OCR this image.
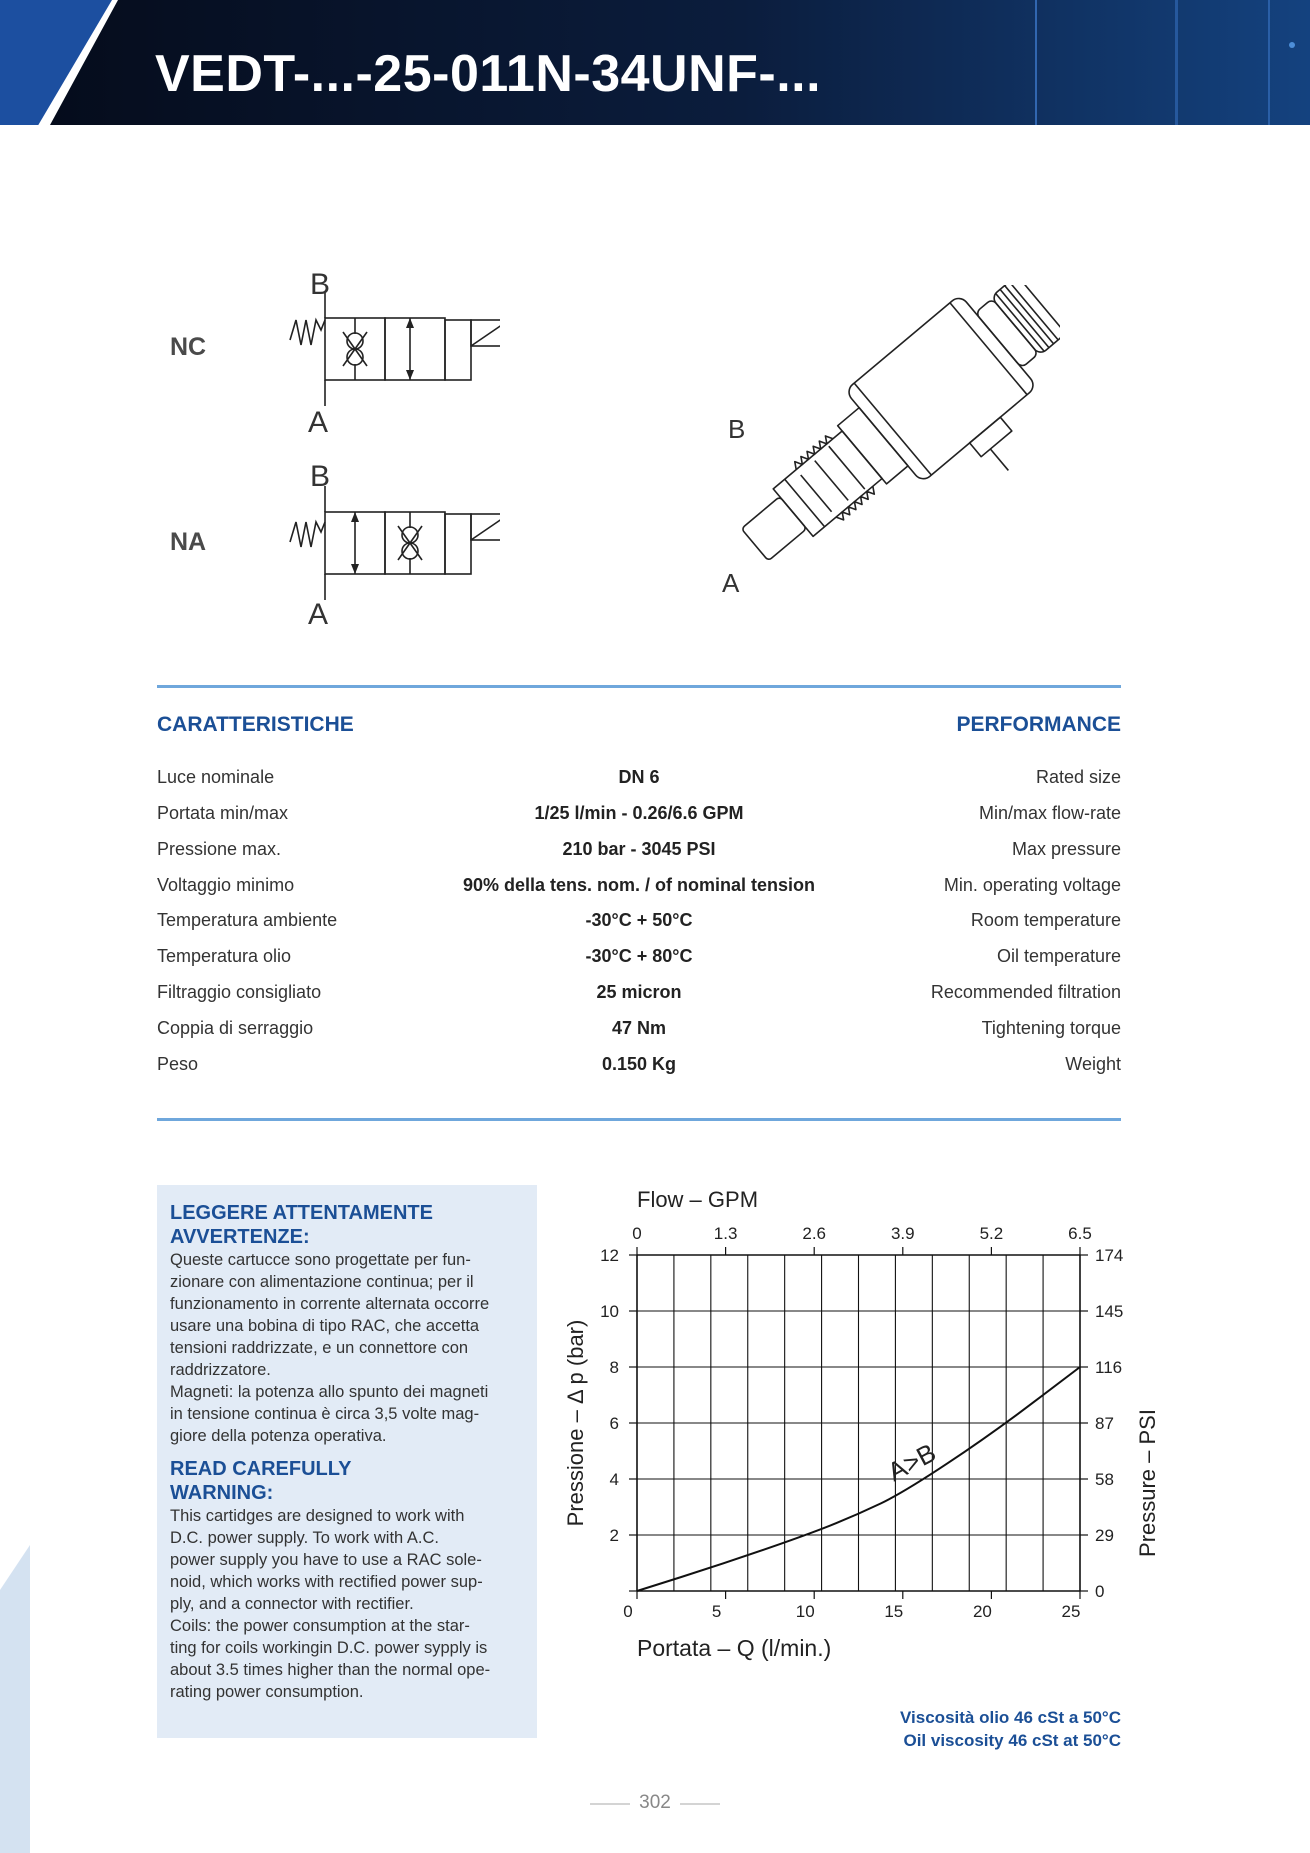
VEDT-...-25-011N-34UNF-...
NC
B
A
NA
B
A
B
A
CARATTERISTICHE	PERFORMANCE
Luce nominale	DN 6	Rated size
Portata min/max	1/25 l/min - 0.26/6.6 GPM	Min/max flow-rate
Pressione max.	210 bar - 3045 PSI	Max pressure
Voltaggio minimo	90% della tens. nom. / of nominal tension	Min. operating voltage
Temperatura ambiente	-30°C + 50°C	Room temperature
Temperatura olio	-30°C + 80°C	Oil temperature
Filtraggio consigliato	25 micron	Recommended filtration
Coppia di serraggio	47 Nm	Tightening torque
Peso	0.150 Kg	Weight
LEGGERE ATTENTAMENTE
AVVERTENZE:
Queste cartucce sono progettate per fun-
zionare con alimentazione continua; per il
funzionamento in corrente alternata occorre
usare una bobina di tipo RAC, che accetta
tensioni raddrizzate, e un connettore con
raddrizzatore.
Magneti: la potenza allo spunto dei magneti
in tensione continua è circa 3,5 volte mag-
giore della potenza operativa.
READ CAREFULLY
WARNING:
This cartidges are designed to work with
D.C. power supply. To work with A.C.
power supply you have to use a RAC sole-
noid, which works with rectified power sup-
ply, and a connector with rectifier.
Coils: the power consumption at the star-
ting for coils workingin D.C. power sypply is
about 3.5 times higher than the normal ope-
rating power consumption.
0	5	10	15	20	25
0	1.3	2.6	3.9	5.2	6.5
2
4
6
8
10
12
0
29
58
87
116
145
174
Portata – Q (l/min.)
Flow – GPM
Pressione – Δ p (bar)	Pressure – PSI
A>B
Viscosità olio 46 cSt a 50°C
Oil viscosity 46 cSt at 50°C
302
